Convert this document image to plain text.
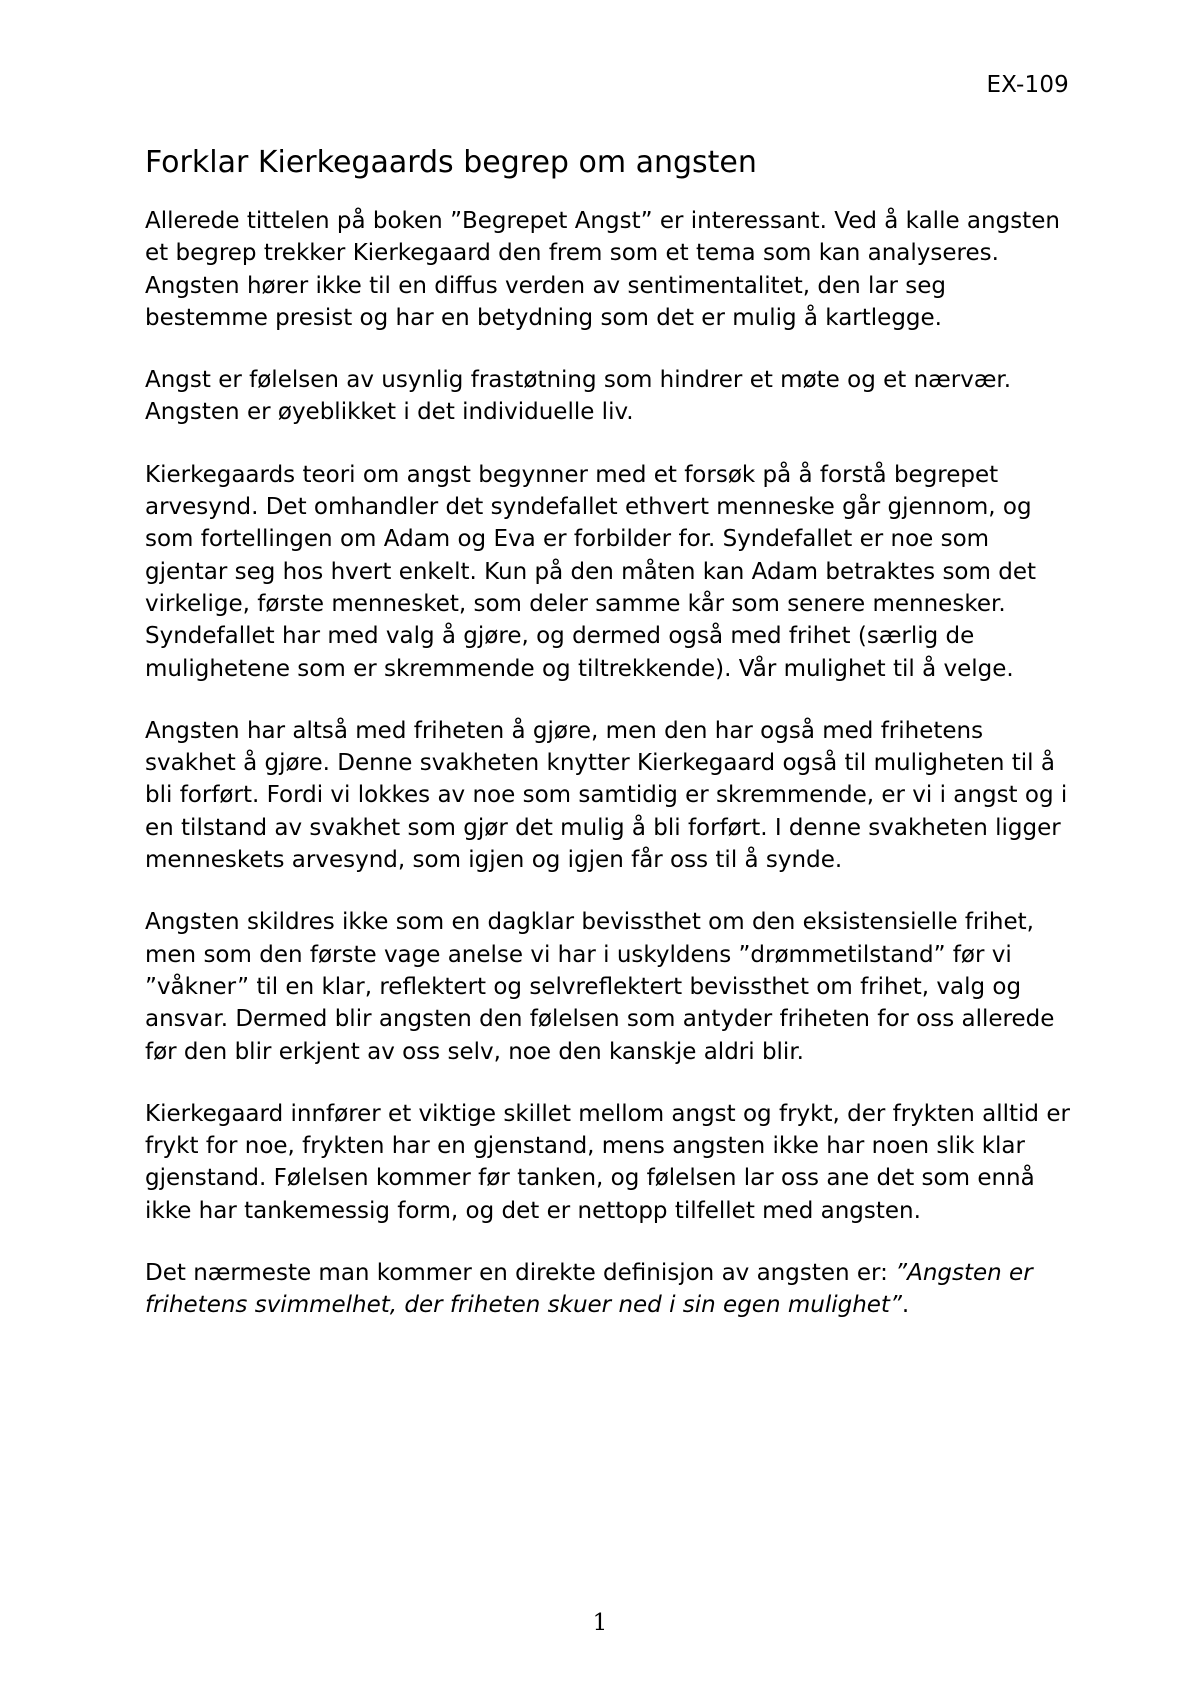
EX-109
Forklar Kierkegaards begrep om angsten

Allerede tittelen på boken ”Begrepet Angst” er interessant. Ved å kalle angsten et begrep trekker Kierkegaard den frem som et tema som kan analyseres. Angsten hører ikke til en diffus verden av sentimentalitet, den lar seg bestemme presist og har en betydning som det er mulig å kartlegge.

Angst er følelsen av usynlig frastøtning som hindrer et møte og et nærvær. Angsten er øyeblikket i det individuelle liv.

Kierkegaards teori om angst begynner med et forsøk på å forstå begrepet arvesynd. Det omhandler det syndefallet ethvert menneske går gjennom, og som fortellingen om Adam og Eva er forbilder for. Syndefallet er noe som gjentar seg hos hvert enkelt. Kun på den måten kan Adam betraktes som det virkelige, første mennesket, som deler samme kår som senere mennesker. Syndefallet har med valg å gjøre, og dermed også med frihet (særlig de mulighetene som er skremmende og tiltrekkende). Vår mulighet til å velge.

Angsten har altså med friheten å gjøre, men den har også med frihetens svakhet å gjøre. Denne svakheten knytter Kierkegaard også til muligheten til å bli forført. Fordi vi lokkes av noe som samtidig er skremmende, er vi i angst og i en tilstand av svakhet som gjør det mulig å bli forført. I denne svakheten ligger menneskets arvesynd, som igjen og igjen får oss til å synde.

Angsten skildres ikke som en dagklar bevissthet om den eksistensielle frihet, men som den første vage anelse vi har i uskyldens ”drømmetilstand” før vi ”våkner” til en klar, reflektert og selvreflektert bevissthet om frihet, valg og ansvar. Dermed blir angsten den følelsen som antyder friheten for oss allerede før den blir erkjent av oss selv, noe den kanskje aldri blir.

Kierkegaard innfører et viktige skillet mellom angst og frykt, der frykten alltid er frykt for noe, frykten har en gjenstand, mens angsten ikke har noen slik klar gjenstand. Følelsen kommer før tanken, og følelsen lar oss ane det som ennå ikke har tankemessig form, og det er nettopp tilfellet med angsten.

Det nærmeste man kommer en direkte definisjon av angsten er: ”Angsten er frihetens svimmelhet, der friheten skuer ned i sin egen mulighet”.

1
